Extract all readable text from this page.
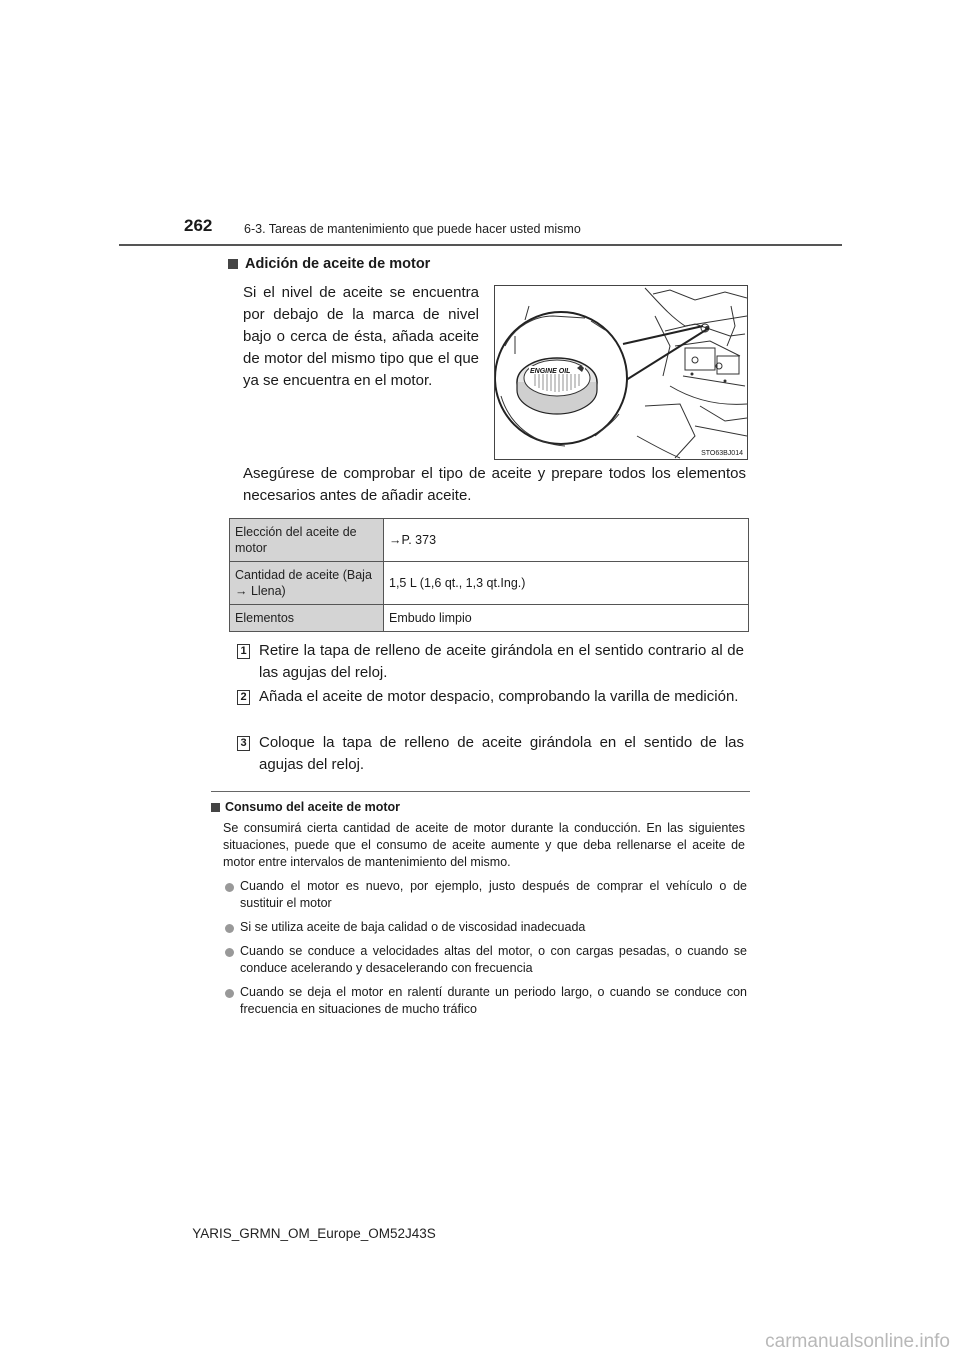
262	6-3. Tareas de mantenimiento que puede hacer usted mismo
Adición de aceite de motor
Si el nivel de aceite se encuentra por debajo de la marca de nivel bajo o cerca de ésta, añada aceite de motor del mismo tipo que el que ya se encuentra en el motor.
ENGINE OIL
STO63BJ014
Asegúrese de comprobar el tipo de aceite y prepare todos los elementos necesarios antes de añadir aceite.
Elección del aceite de motor	→P. 373
Cantidad de aceite (Baja → Llena)	1,5 L (1,6 qt., 1,3 qt.Ing.)
Elementos	Embudo limpio
1 Retire la tapa de relleno de aceite girándola en el sentido contrario al de las agujas del reloj.
2 Añada el aceite de motor despacio, comprobando la varilla de medición.
3 Coloque la tapa de relleno de aceite girándola en el sentido de las agujas del reloj.
Consumo del aceite de motor
Se consumirá cierta cantidad de aceite de motor durante la conducción. En las siguientes situaciones, puede que el consumo de aceite aumente y que deba rellenarse el aceite de motor entre intervalos de mantenimiento del mismo.
Cuando el motor es nuevo, por ejemplo, justo después de comprar el vehículo o de sustituir el motor
Si se utiliza aceite de baja calidad o de viscosidad inadecuada
Cuando se conduce a velocidades altas del motor, o con cargas pesadas, o cuando se conduce acelerando y desacelerando con frecuencia
Cuando se deja el motor en ralentí durante un periodo largo, o cuando se conduce con frecuencia en situaciones de mucho tráfico
YARIS_GRMN_OM_Europe_OM52J43S
carmanualsonline.info
